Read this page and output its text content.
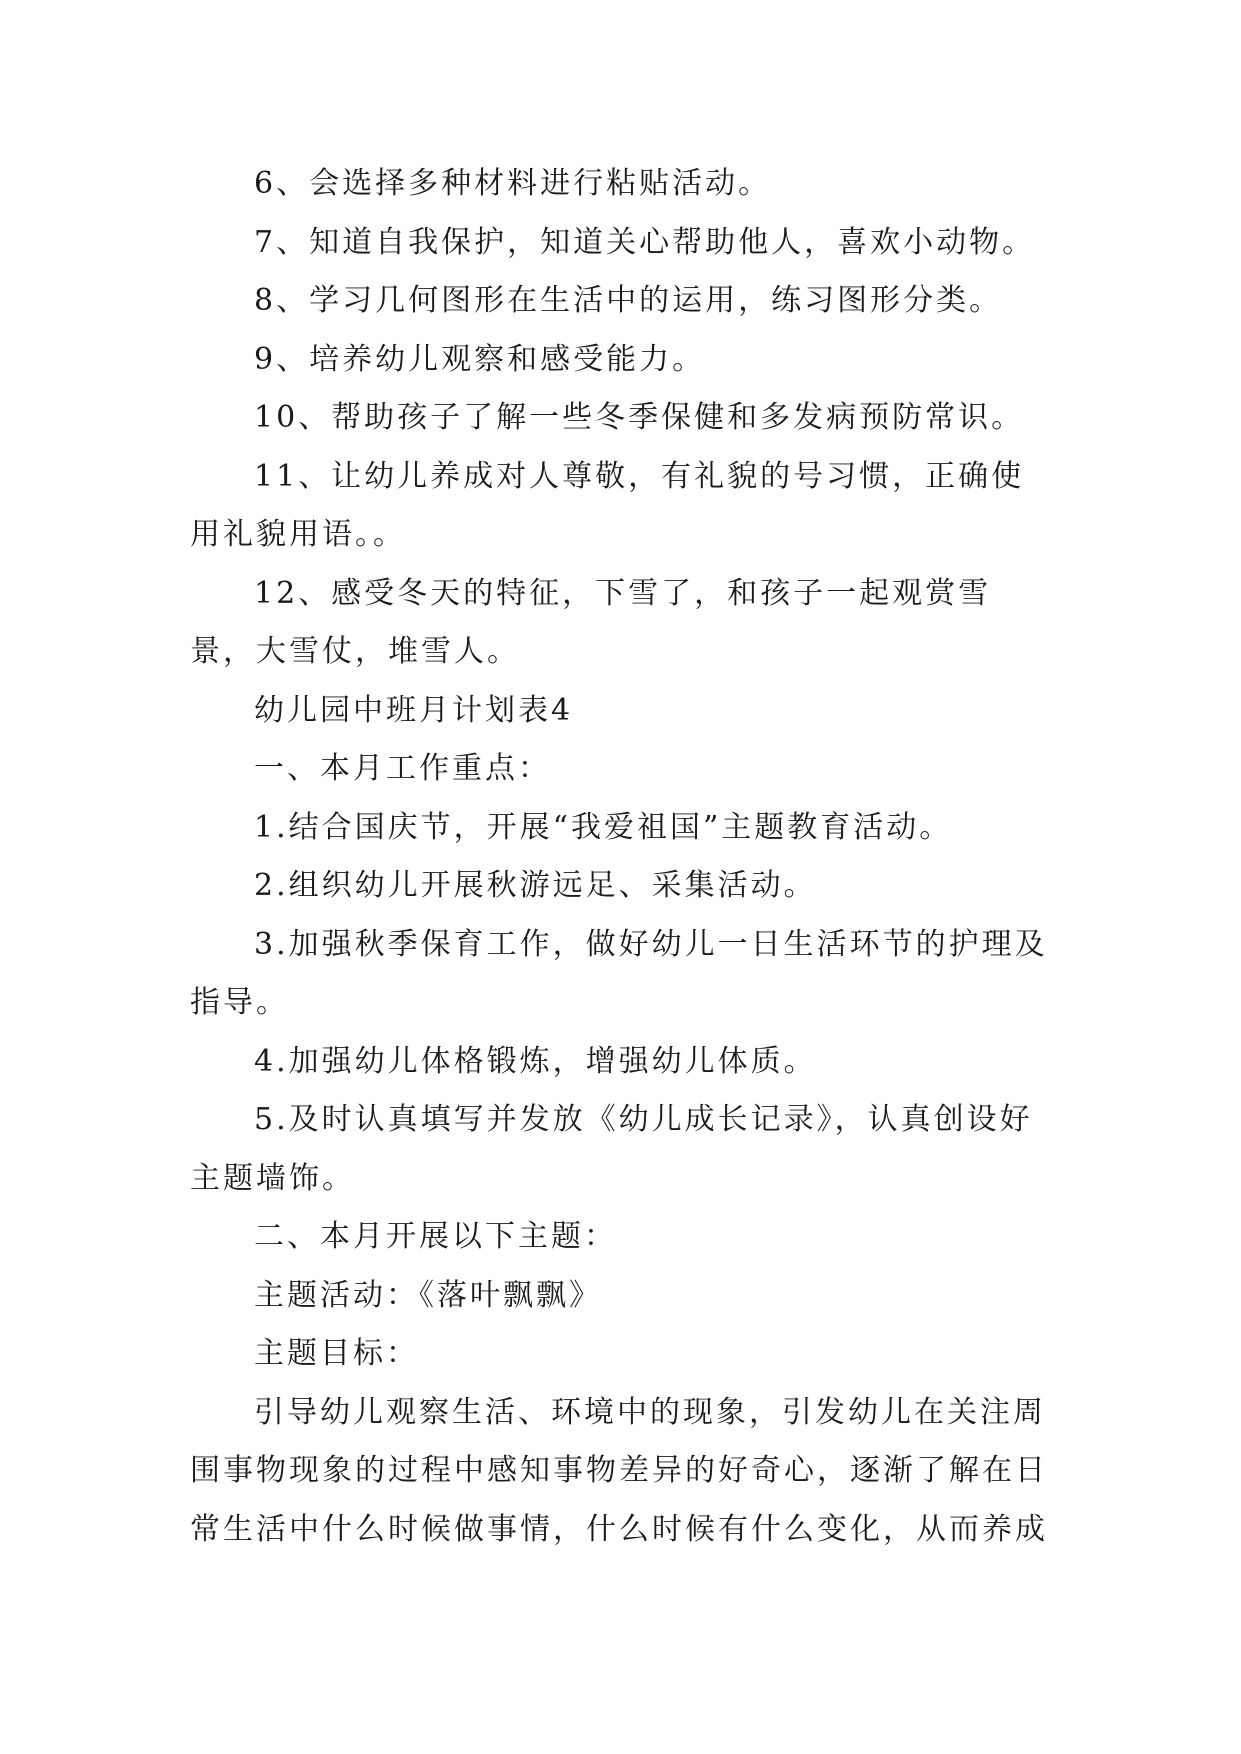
6、会选择多种材料进行粘贴活动。

7、知道自我保护，知道关心帮助他人，喜欢小动物。

8、学习几何图形在生活中的运用，练习图形分类。

9、培养幼儿观察和感受能力。

10、帮助孩子了解一些冬季保健和多发病预防常识。

11、让幼儿养成对人尊敬，有礼貌的号习惯，正确使用礼貌用语。。

12、感受冬天的特征，下雪了，和孩子一起观赏雪景，大雪仗，堆雪人。

幼儿园中班月计划表4

一、本月工作重点：

1.结合国庆节，开展“我爱祖国”主题教育活动。

2.组织幼儿开展秋游远足、采集活动。

3.加强秋季保育工作，做好幼儿一日生活环节的护理及指导。

4.加强幼儿体格锻炼，增强幼儿体质。

5.及时认真填写并发放《幼儿成长记录》，认真创设好主题墙饰。

二、本月开展以下主题：

主题活动：《落叶飘飘》

主题目标：

引导幼儿观察生活、环境中的现象，引发幼儿在关注周围事物现象的过程中感知事物差异的好奇心，逐渐了解在日常生活中什么时候做事情，什么时候有什么变化，从而养成
